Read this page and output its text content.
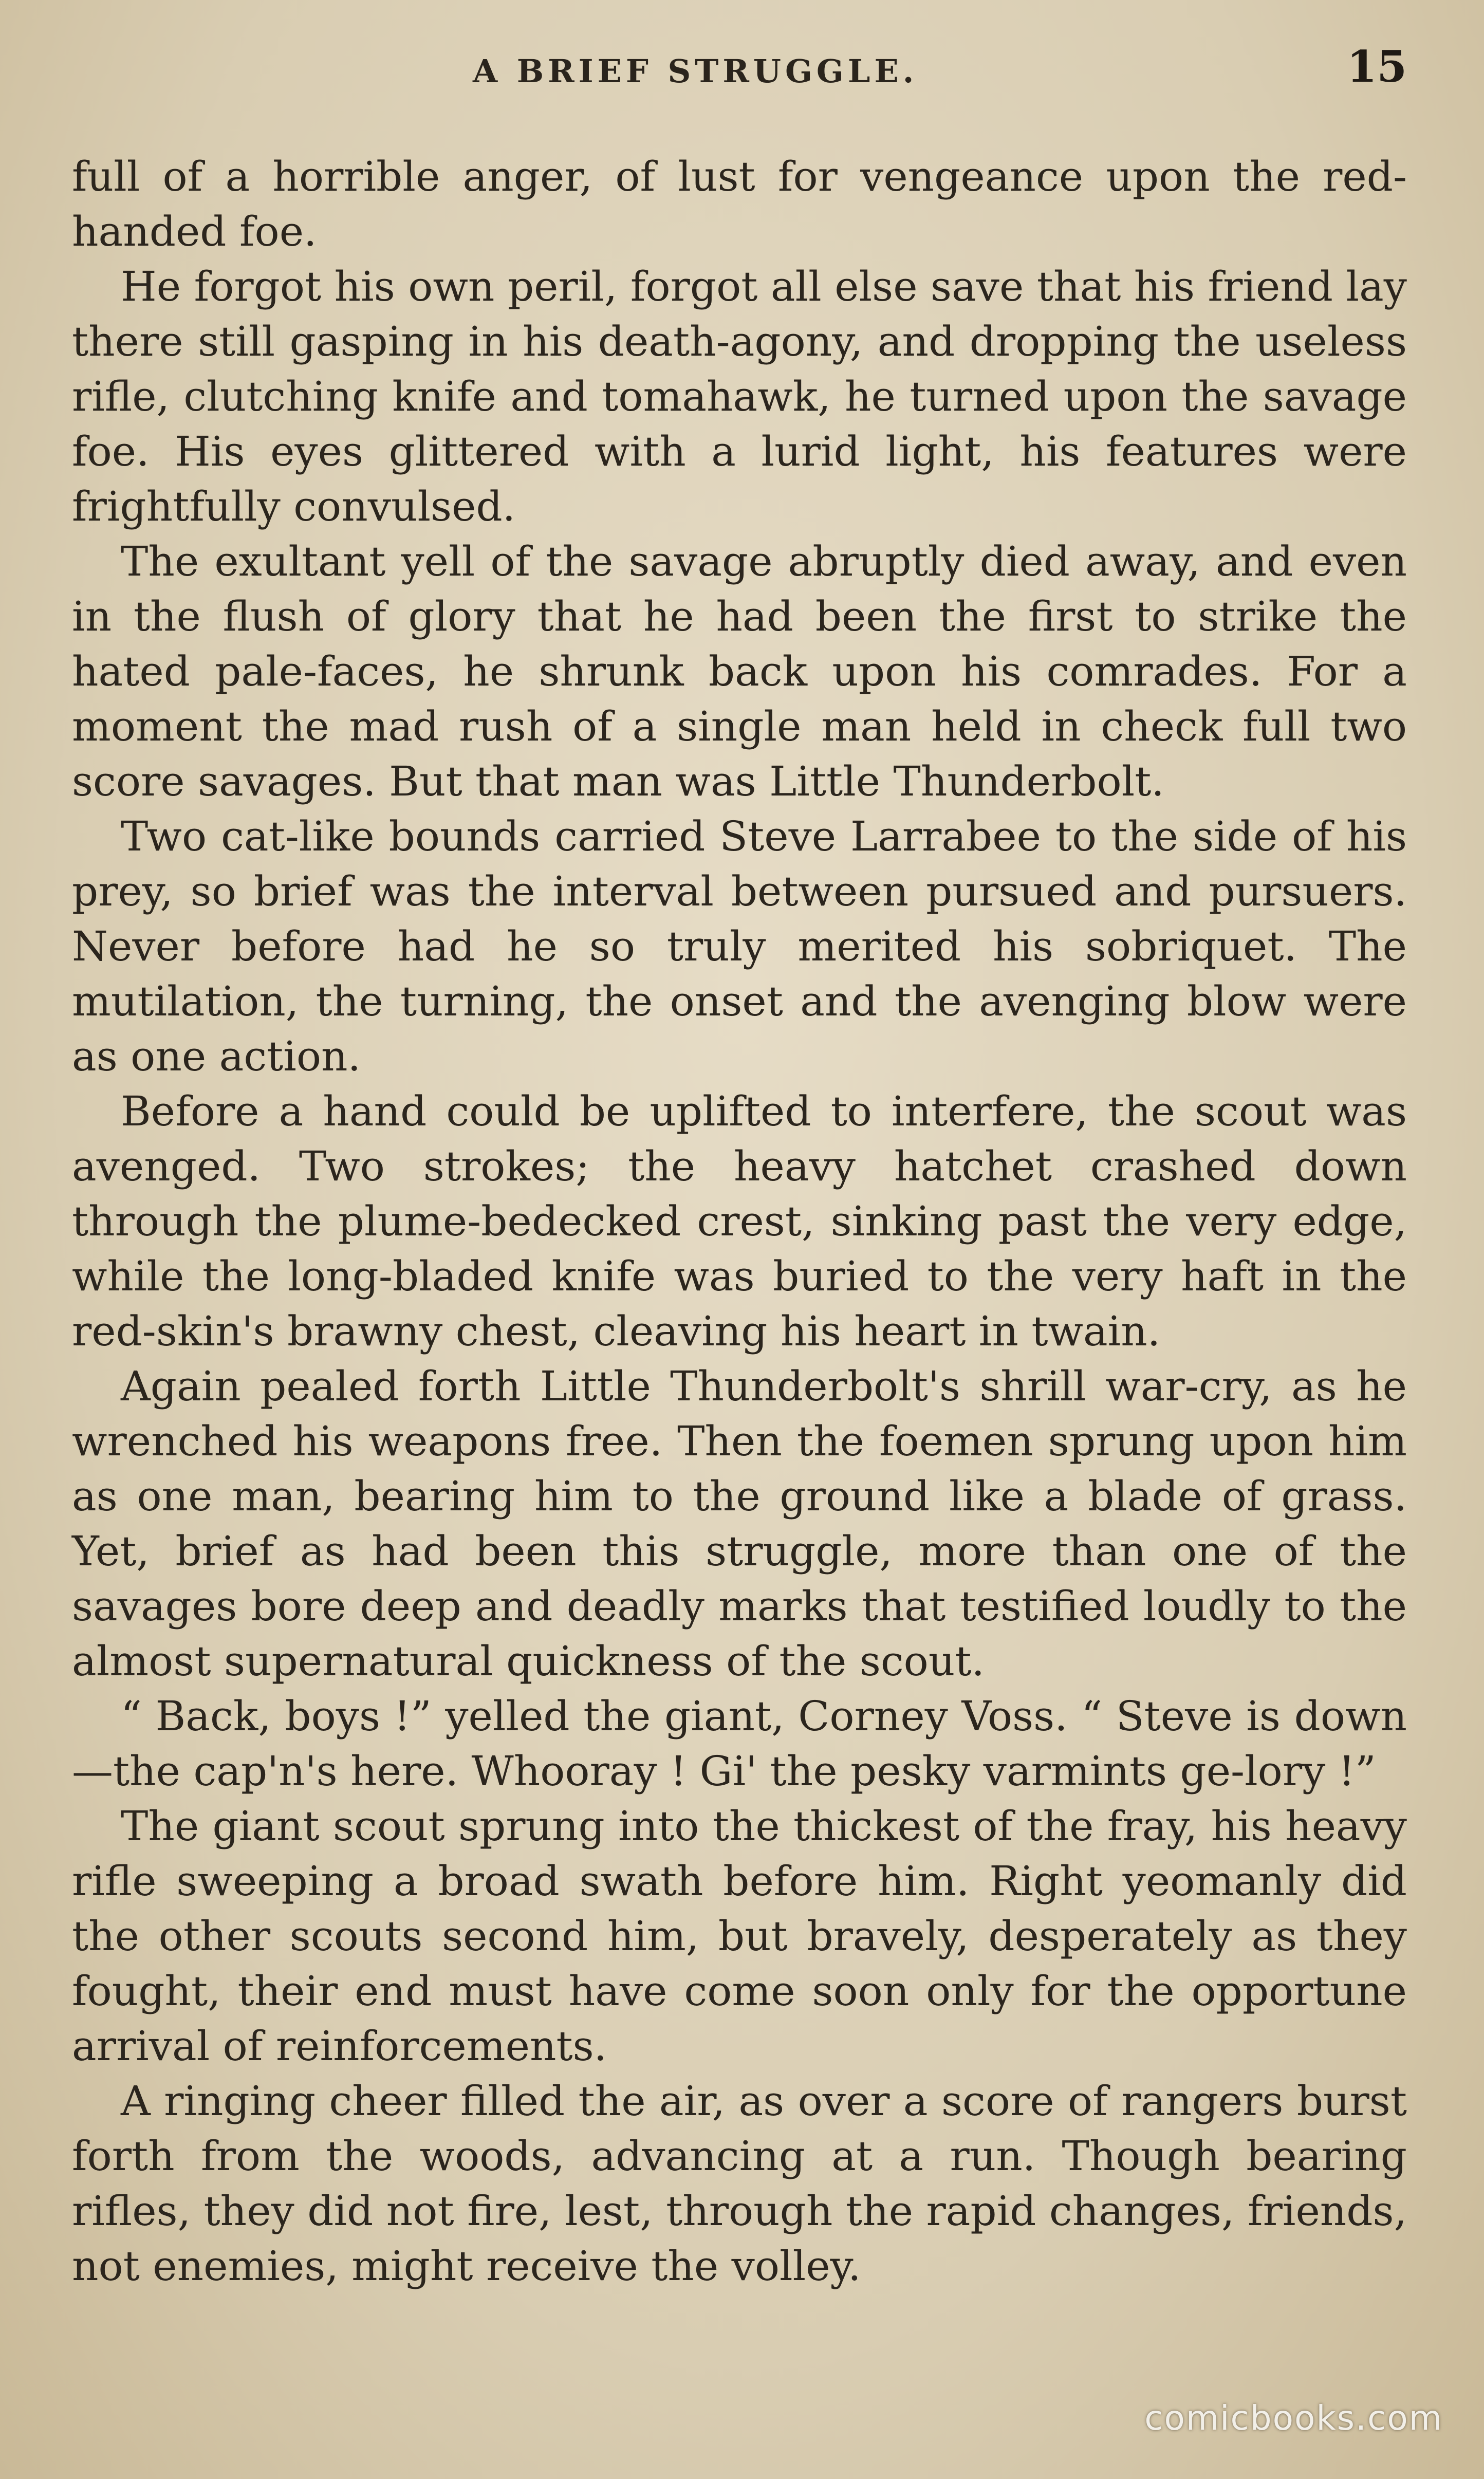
A BRIEF STRUGGLE.	15

full of a horrible anger, of lust for vengeance upon the red-handed foe.

He forgot his own peril, forgot all else save that his friend lay there still gasping in his death-agony, and dropping the useless rifle, clutching knife and tomahawk, he turned upon the savage foe. His eyes glittered with a lurid light, his features were frightfully convulsed.

The exultant yell of the savage abruptly died away, and even in the flush of glory that he had been the first to strike the hated pale-faces, he shrunk back upon his comrades. For a moment the mad rush of a single man held in check full two score savages. But that man was Little Thunderbolt.

Two cat-like bounds carried Steve Larrabee to the side of his prey, so brief was the interval between pursued and pursuers. Never before had he so truly merited his sobriquet. The mutilation, the turning, the onset and the avenging blow were as one action.

Before a hand could be uplifted to interfere, the scout was avenged. Two strokes; the heavy hatchet crashed down through the plume-bedecked crest, sinking past the very edge, while the long-bladed knife was buried to the very haft in the red-skin's brawny chest, cleaving his heart in twain.

Again pealed forth Little Thunderbolt's shrill war-cry, as he wrenched his weapons free. Then the foemen sprung upon him as one man, bearing him to the ground like a blade of grass. Yet, brief as had been this struggle, more than one of the savages bore deep and deadly marks that testified loudly to the almost supernatural quickness of the scout.

“ Back, boys !” yelled the giant, Corney Voss. “ Steve is down—the cap'n's here. Whooray ! Gi' the pesky varmints ge-lory !”

The giant scout sprung into the thickest of the fray, his heavy rifle sweeping a broad swath before him. Right yeomanly did the other scouts second him, but bravely, desperately as they fought, their end must have come soon only for the opportune arrival of reinforcements.

A ringing cheer filled the air, as over a score of rangers burst forth from the woods, advancing at a run. Though bearing rifles, they did not fire, lest, through the rapid changes, friends, not enemies, might receive the volley.

comicbooks.com
